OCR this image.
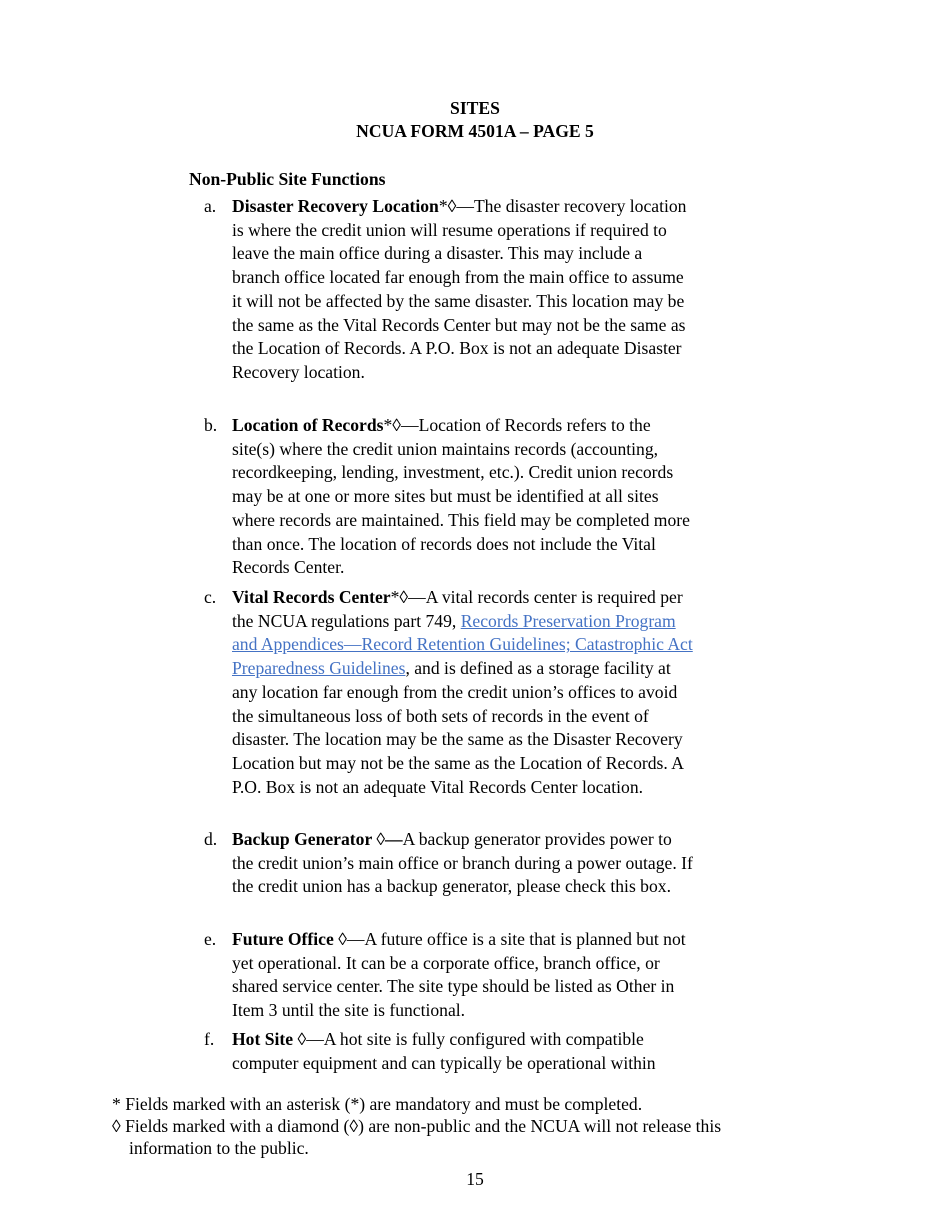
SITES
NCUA FORM 4501A – PAGE 5
Non-Public Site Functions
a. Disaster Recovery Location*◊—The disaster recovery location is where the credit union will resume operations if required to leave the main office during a disaster. This may include a branch office located far enough from the main office to assume it will not be affected by the same disaster. This location may be the same as the Vital Records Center but may not be the same as the Location of Records. A P.O. Box is not an adequate Disaster Recovery location.
b. Location of Records*◊—Location of Records refers to the site(s) where the credit union maintains records (accounting, recordkeeping, lending, investment, etc.). Credit union records may be at one or more sites but must be identified at all sites where records are maintained. This field may be completed more than once. The location of records does not include the Vital Records Center.
c. Vital Records Center*◊—A vital records center is required per the NCUA regulations part 749, Records Preservation Program and Appendices—Record Retention Guidelines; Catastrophic Act Preparedness Guidelines, and is defined as a storage facility at any location far enough from the credit union’s offices to avoid the simultaneous loss of both sets of records in the event of disaster. The location may be the same as the Disaster Recovery Location but may not be the same as the Location of Records. A P.O. Box is not an adequate Vital Records Center location.
d. Backup Generator ◊—A backup generator provides power to the credit union’s main office or branch during a power outage. If the credit union has a backup generator, please check this box.
e. Future Office ◊—A future office is a site that is planned but not yet operational. It can be a corporate office, branch office, or shared service center. The site type should be listed as Other in Item 3 until the site is functional.
f.	Hot Site ◊—A hot site is fully configured with compatible computer equipment and can typically be operational within
* Fields marked with an asterisk (*) are mandatory and must be completed.
◊ Fields marked with a diamond (◊) are non-public and the NCUA will not release this
information to the public.
15
